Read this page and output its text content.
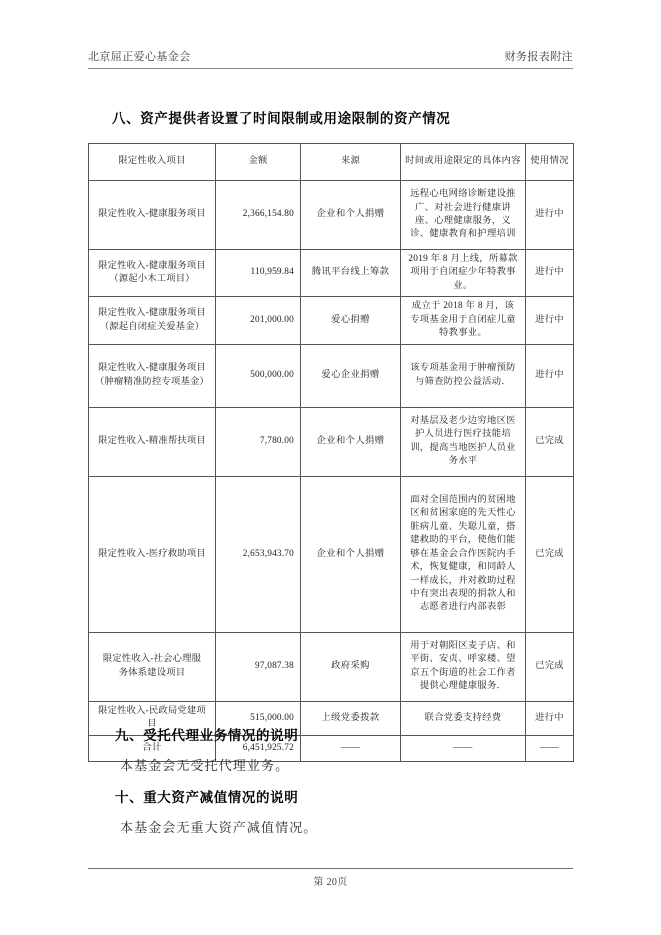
北京屈正爱心基金会	财务报表附注
八、资产提供者设置了时间限制或用途限制的资产情况
限定性收入项目	金额	来源	时间或用途限定的具体内容	使用情况

限定性收入-健康服务项目	2,366,154.80	企业和个人捐赠	远程心电网络诊断建设推广、对社会进行健康讲座、心理健康服务，义诊、健康教育和护理培训	进行中

限定性收入-健康服务项目
（源起小木工项目）	110,959.84	腾讯平台线上筹款	2019 年 8 月上线，所募款项用于自闭症少年特教事业。	进行中

限定性收入-健康服务项目
（源起自闭症关爱基金）	201,000.00	爱心捐赠	成立于 2018 年 8 月，该专项基金用于自闭症儿童特教事业。	进行中

限定性收入-健康服务项目
（肿瘤精准防控专项基金）	500,000.00	爱心企业捐赠	该专项基金用于肿瘤预防与筛查防控公益活动．	进行中

限定性收入-精准帮扶项目	7,780.00	企业和个人捐赠	对基层及老少边穷地区医护人员进行医疗技能培训，提高当地医护人员业务水平	已完成

限定性收入-医疗救助项目	2,653,943.70	企业和个人捐赠	面对全国范围内的贫困地区和贫困家庭的先天性心脏病儿童、失聪儿童，搭建救助的平台，使他们能够在基金会合作医院内手术，恢复健康，和同龄人一样成长，并对救助过程中有突出表现的捐款人和志愿者进行内部表彰	已完成

限定性收入-社会心理服
务体系建设项目	97,087.38	政府采购	用于对朝阳区麦子店、和平街、安贞、呼家楼、望京五个街道的社会工作者提供心理健康服务．	已完成

限定性收入-民政局党建项
目	515,000.00	上级党委拨款	联合党委支持经费	进行中
合计	6,451,925.72	——	——	——
九、受托代理业务情况的说明
本基金会无受托代理业务。
十、重大资产减值情况的说明
本基金会无重大资产减值情况。
第 20页
